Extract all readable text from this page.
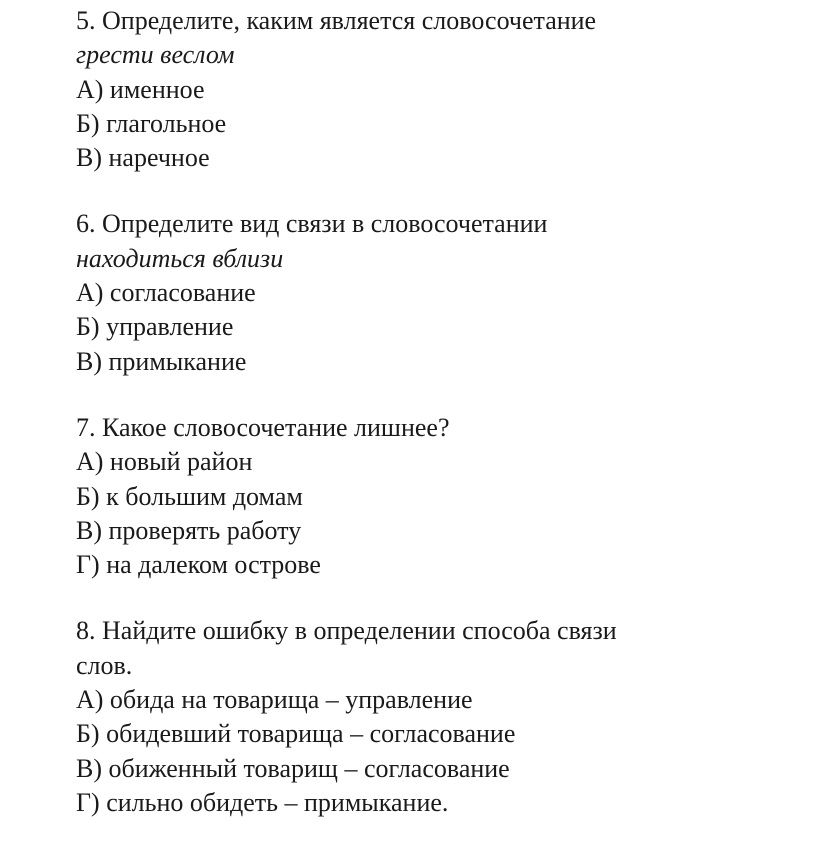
5. Определите, каким является словосочетание
грести веслом
А) именное
Б) глагольное
В) наречное
6. Определите вид связи в словосочетании
находиться вблизи
А) согласование
Б) управление
В) примыкание
7. Какое словосочетание лишнее?
А) новый район
Б) к большим домам
В) проверять работу
Г) на далеком острове
8. Найдите ошибку в определении способа связи
слов.
А) обида на товарища – управление
Б) обидевший товарища – согласование
В) обиженный товарищ – согласование
Г) сильно обидеть – примыкание.
